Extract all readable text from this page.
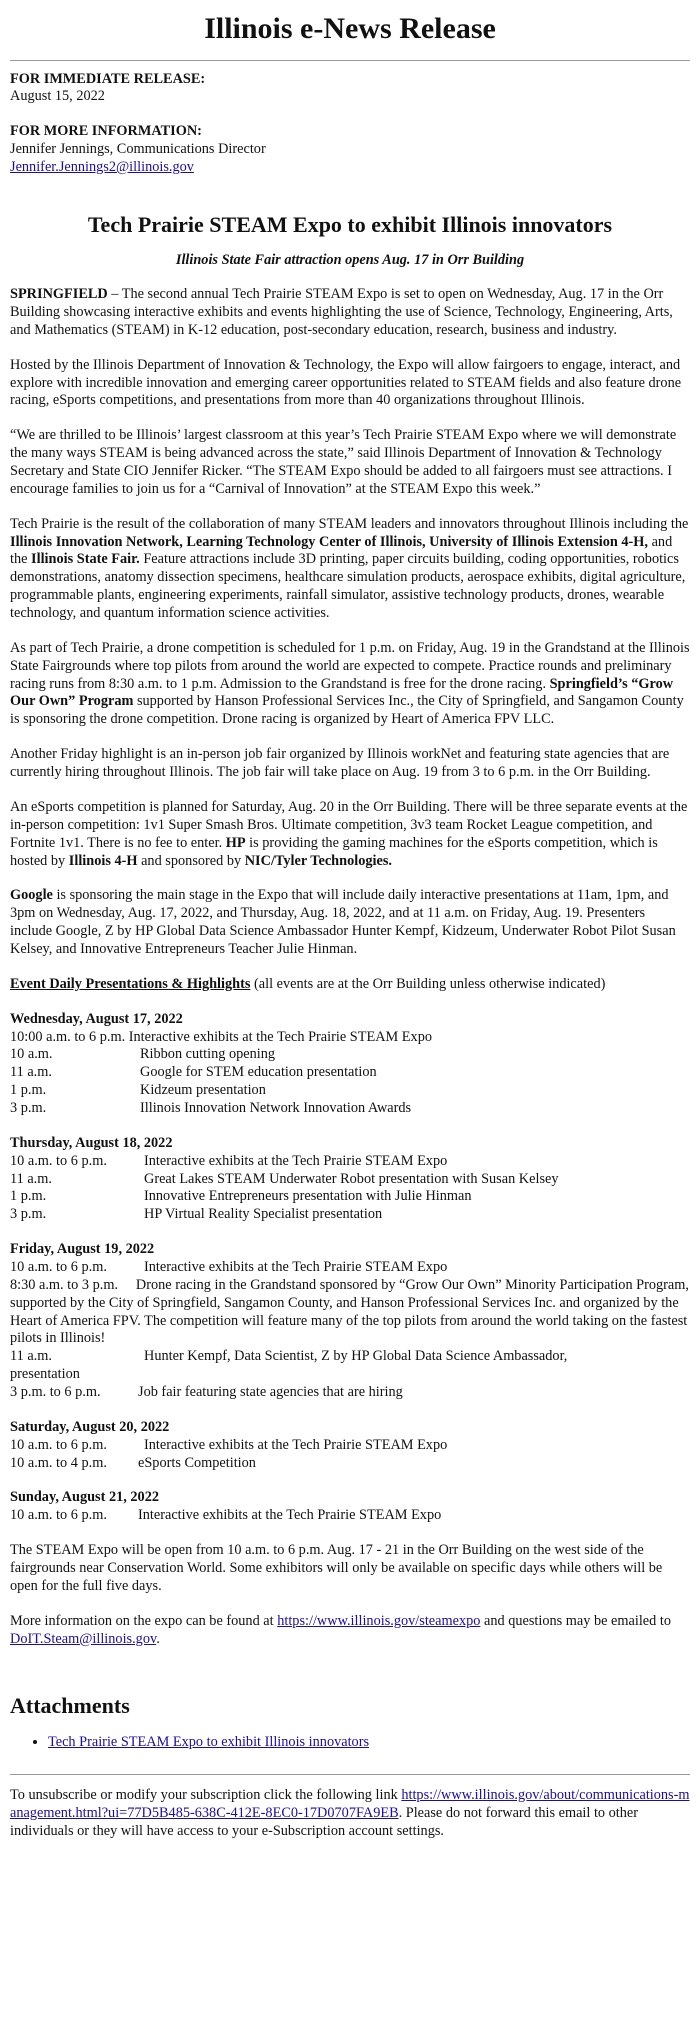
Illinois e-News Release

FOR IMMEDIATE RELEASE:
August 15, 2022

FOR MORE INFORMATION:
Jennifer Jennings, Communications Director
Jennifer.Jennings2@illinois.gov

Tech Prairie STEAM Expo to exhibit Illinois innovators
Illinois State Fair attraction opens Aug. 17 in Orr Building

SPRINGFIELD – The second annual Tech Prairie STEAM Expo is set to open on Wednesday, Aug. 17 in the Orr Building showcasing interactive exhibits and events highlighting the use of Science, Technology, Engineering, Arts, and Mathematics (STEAM) in K-12 education, post-secondary education, research, business and industry.

Hosted by the Illinois Department of Innovation & Technology, the Expo will allow fairgoers to engage, interact, and explore with incredible innovation and emerging career opportunities related to STEAM fields and also feature drone racing, eSports competitions, and presentations from more than 40 organizations throughout Illinois.

“We are thrilled to be Illinois’ largest classroom at this year’s Tech Prairie STEAM Expo where we will demonstrate the many ways STEAM is being advanced across the state,” said Illinois Department of Innovation & Technology Secretary and State CIO Jennifer Ricker. “The STEAM Expo should be added to all fairgoers must see attractions. I encourage families to join us for a “Carnival of Innovation” at the STEAM Expo this week.”

Tech Prairie is the result of the collaboration of many STEAM leaders and innovators throughout Illinois including the Illinois Innovation Network, Learning Technology Center of Illinois, University of Illinois Extension 4-H, and the Illinois State Fair. Feature attractions include 3D printing, paper circuits building, coding opportunities, robotics demonstrations, anatomy dissection specimens, healthcare simulation products, aerospace exhibits, digital agriculture, programmable plants, engineering experiments, rainfall simulator, assistive technology products, drones, wearable technology, and quantum information science activities.

As part of Tech Prairie, a drone competition is scheduled for 1 p.m. on Friday, Aug. 19 in the Grandstand at the Illinois State Fairgrounds where top pilots from around the world are expected to compete. Practice rounds and preliminary racing runs from 8:30 a.m. to 1 p.m. Admission to the Grandstand is free for the drone racing. Springfield’s “Grow Our Own” Program supported by Hanson Professional Services Inc., the City of Springfield, and Sangamon County is sponsoring the drone competition. Drone racing is organized by Heart of America FPV LLC.

Another Friday highlight is an in-person job fair organized by Illinois workNet and featuring state agencies that are currently hiring throughout Illinois. The job fair will take place on Aug. 19 from 3 to 6 p.m. in the Orr Building.

An eSports competition is planned for Saturday, Aug. 20 in the Orr Building. There will be three separate events at the in-person competition: 1v1 Super Smash Bros. Ultimate competition, 3v3 team Rocket League competition, and Fortnite 1v1. There is no fee to enter. HP is providing the gaming machines for the eSports competition, which is hosted by Illinois 4-H and sponsored by NIC/Tyler Technologies.

Google is sponsoring the main stage in the Expo that will include daily interactive presentations at 11am, 1pm, and 3pm on Wednesday, Aug. 17, 2022, and Thursday, Aug. 18, 2022, and at 11 a.m. on Friday, Aug. 19. Presenters include Google, Z by HP Global Data Science Ambassador Hunter Kempf, Kidzeum, Underwater Robot Pilot Susan Kelsey, and Innovative Entrepreneurs Teacher Julie Hinman.

Event Daily Presentations & Highlights (all events are at the Orr Building unless otherwise indicated)

Wednesday, August 17, 2022
10:00 a.m. to 6 p.m. Interactive exhibits at the Tech Prairie STEAM Expo
10 a.m.	Ribbon cutting opening
11 a.m.	Google for STEM education presentation
1 p.m.	Kidzeum presentation
3 p.m.	Illinois Innovation Network Innovation Awards
Thursday, August 18, 2022
10 a.m. to 6 p.m.	Interactive exhibits at the Tech Prairie STEAM Expo
11 a.m.	Great Lakes STEAM Underwater Robot presentation with Susan Kelsey
1 p.m.	Innovative Entrepreneurs presentation with Julie Hinman
3 p.m.	HP Virtual Reality Specialist presentation
Friday, August 19, 2022
10 a.m. to 6 p.m.	Interactive exhibits at the Tech Prairie STEAM Expo
8:30 a.m. to 3 p.m.     Drone racing in the Grandstand sponsored by “Grow Our Own” Minority Participation Program, supported by the City of Springfield, Sangamon County, and Hanson Professional Services Inc. and organized by the Heart of America FPV. The competition will feature many of the top pilots from around the world taking on the fastest pilots in Illinois!
11 a.m.	Hunter Kempf, Data Scientist, Z by HP Global Data Science Ambassador,
presentation
3 p.m. to 6 p.m.	Job fair featuring state agencies that are hiring
Saturday, August 20, 2022
10 a.m. to 6 p.m.	Interactive exhibits at the Tech Prairie STEAM Expo
10 a.m. to 4 p.m.	eSports Competition
Sunday, August 21, 2022
10 a.m. to 6 p.m.	Interactive exhibits at the Tech Prairie STEAM Expo

The STEAM Expo will be open from 10 a.m. to 6 p.m. Aug. 17 - 21 in the Orr Building on the west side of the fairgrounds near Conservation World. Some exhibitors will only be available on specific days while others will be open for the full five days.

More information on the expo can be found at https://www.illinois.gov/steamexpo and questions may be emailed to DoIT.Steam@illinois.gov.

Attachments
• Tech Prairie STEAM Expo to exhibit Illinois innovators

To unsubscribe or modify your subscription click the following link https://www.illinois.gov/about/communications-management.html?ui=77D5B485-638C-412E-8EC0-17D0707FA9EB. Please do not forward this email to other individuals or they will have access to your e-Subscription account settings.
